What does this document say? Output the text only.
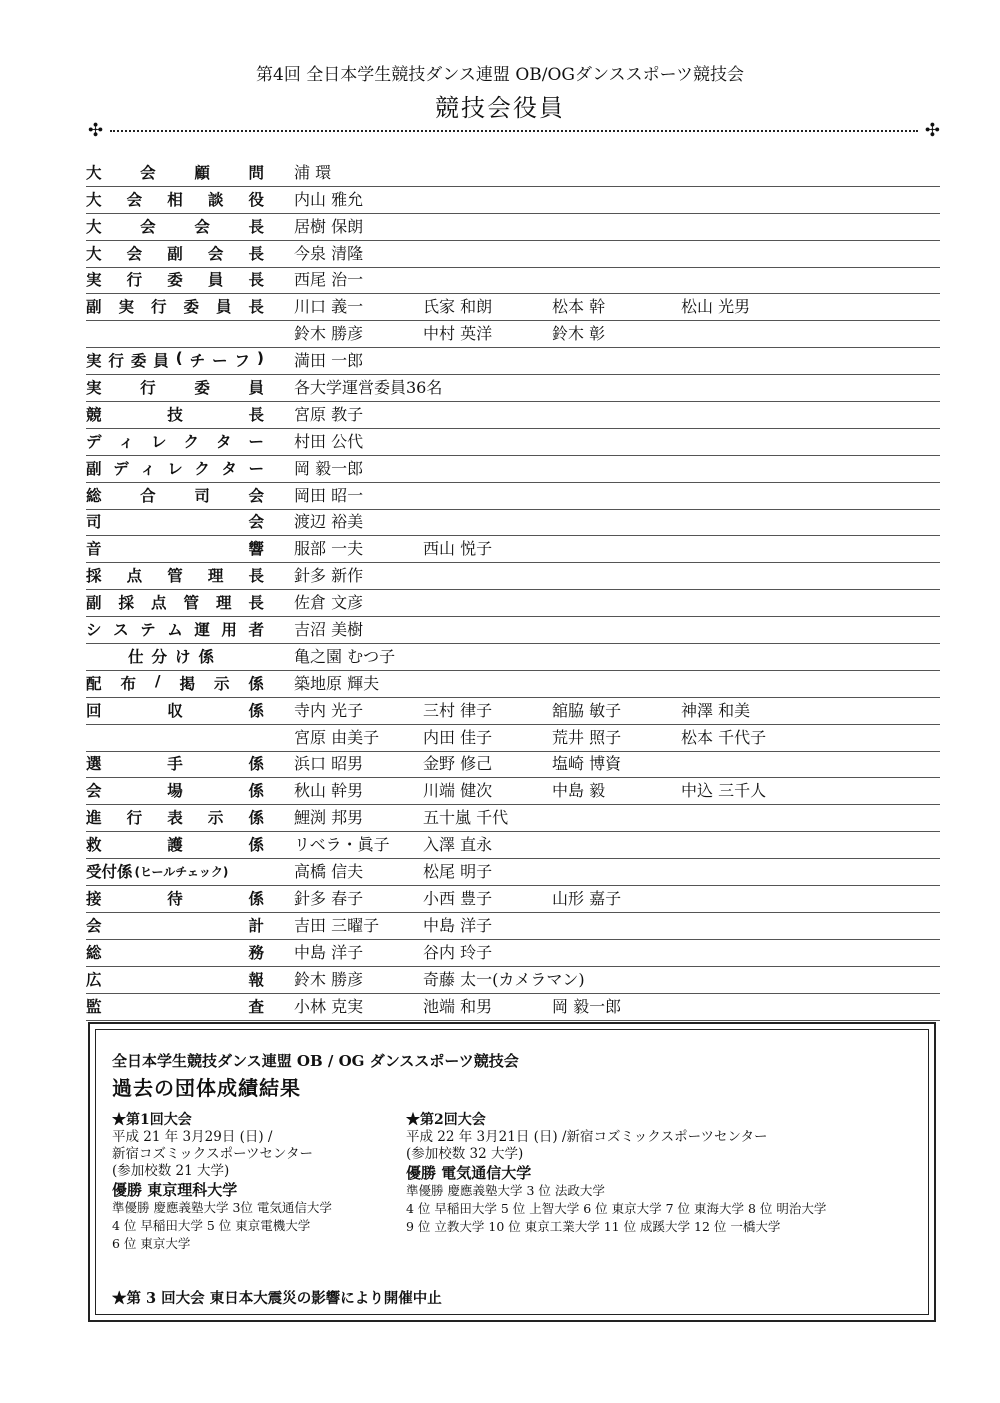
第4回 全日本学生競技ダンス連盟 OB/OGダンススポーツ競技会
競技会役員
✣	✣
大 会 顧 問 浦 環
大 会 相 談 役 内山 雅允
大 会 会 長 居樹 保朗
大 会 副 会 長 今泉 清隆
実 行 委 員 長 西尾 治一
副 実 行 委 員 長 川口 義一	氏家 和朗	松本 幹	松山 光男
鈴木 勝彦	中村 英洋	鈴木 彰
実 行 委 員 ( チ ー フ ) 満田 一郎
実 行 委 員 各大学運営委員36名
競	技	長 宮原 教子
デ ィ レ ク タ ー 村田 公代
副 デ ィ レ ク タ ー 岡 毅一郎
総 合 司 会 岡田 昭一
司	会 渡辺 裕美
音	響 服部 一夫	西山 悦子
採 点 管 理 長 針多 新作
副 採 点 管 理 長 佐倉 文彦
シ ス テ ム 運 用 者 吉沼 美樹
仕分け係	亀之園 むつ子
配 布 / 掲 示 係 築地原 輝夫
回	収	係 寺内 光子	三村 律子	舘脇 敏子	神澤 和美
宮原 由美子	内田 佳子	荒井 照子	松本 千代子
選	手	係 浜口 昭男	金野 修己	塩崎 博資
会	場	係 秋山 幹男	川端 健次	中島 毅	中込 三千人
進 行 表 示 係 鯉渕 邦男	五十嵐 千代
救	護	係 リベラ・眞子	入澤 直永
受付係 (ヒールチェック)	高橋 信夫	松尾 明子
接	待	係 針多 春子	小西 豊子	山形 嘉子
会	計 吉田 三曜子	中島 洋子
総	務 中島 洋子	谷内 玲子
広	報 鈴木 勝彦	奇藤 太一(カメラマン)
監	査 小林 克実	池端 和男	岡 毅一郎
全日本学生競技ダンス連盟 OB / OG ダンススポーツ競技会
過去の団体成績結果
★第1回大会
平成 21 年 3月29日 (日) /
新宿コズミックスポーツセンター
(参加校数 21 大学)
優勝 東京理科大学
準優勝 慶應義塾大学 3位 電気通信大学
4 位 早稲田大学 5 位 東京電機大学
6 位 東京大学
★第2回大会
平成 22 年 3月21日 (日) /新宿コズミックスポーツセンター
(参加校数 32 大学)
優勝 電気通信大学
準優勝 慶應義塾大学 3 位 法政大学
4 位 早稲田大学 5 位 上智大学 6 位 東京大学 7 位 東海大学 8 位 明治大学
9 位 立教大学 10 位 東京工業大学 11 位 成蹊大学 12 位 一橋大学
★第 3 回大会 東日本大震災の影響により開催中止
